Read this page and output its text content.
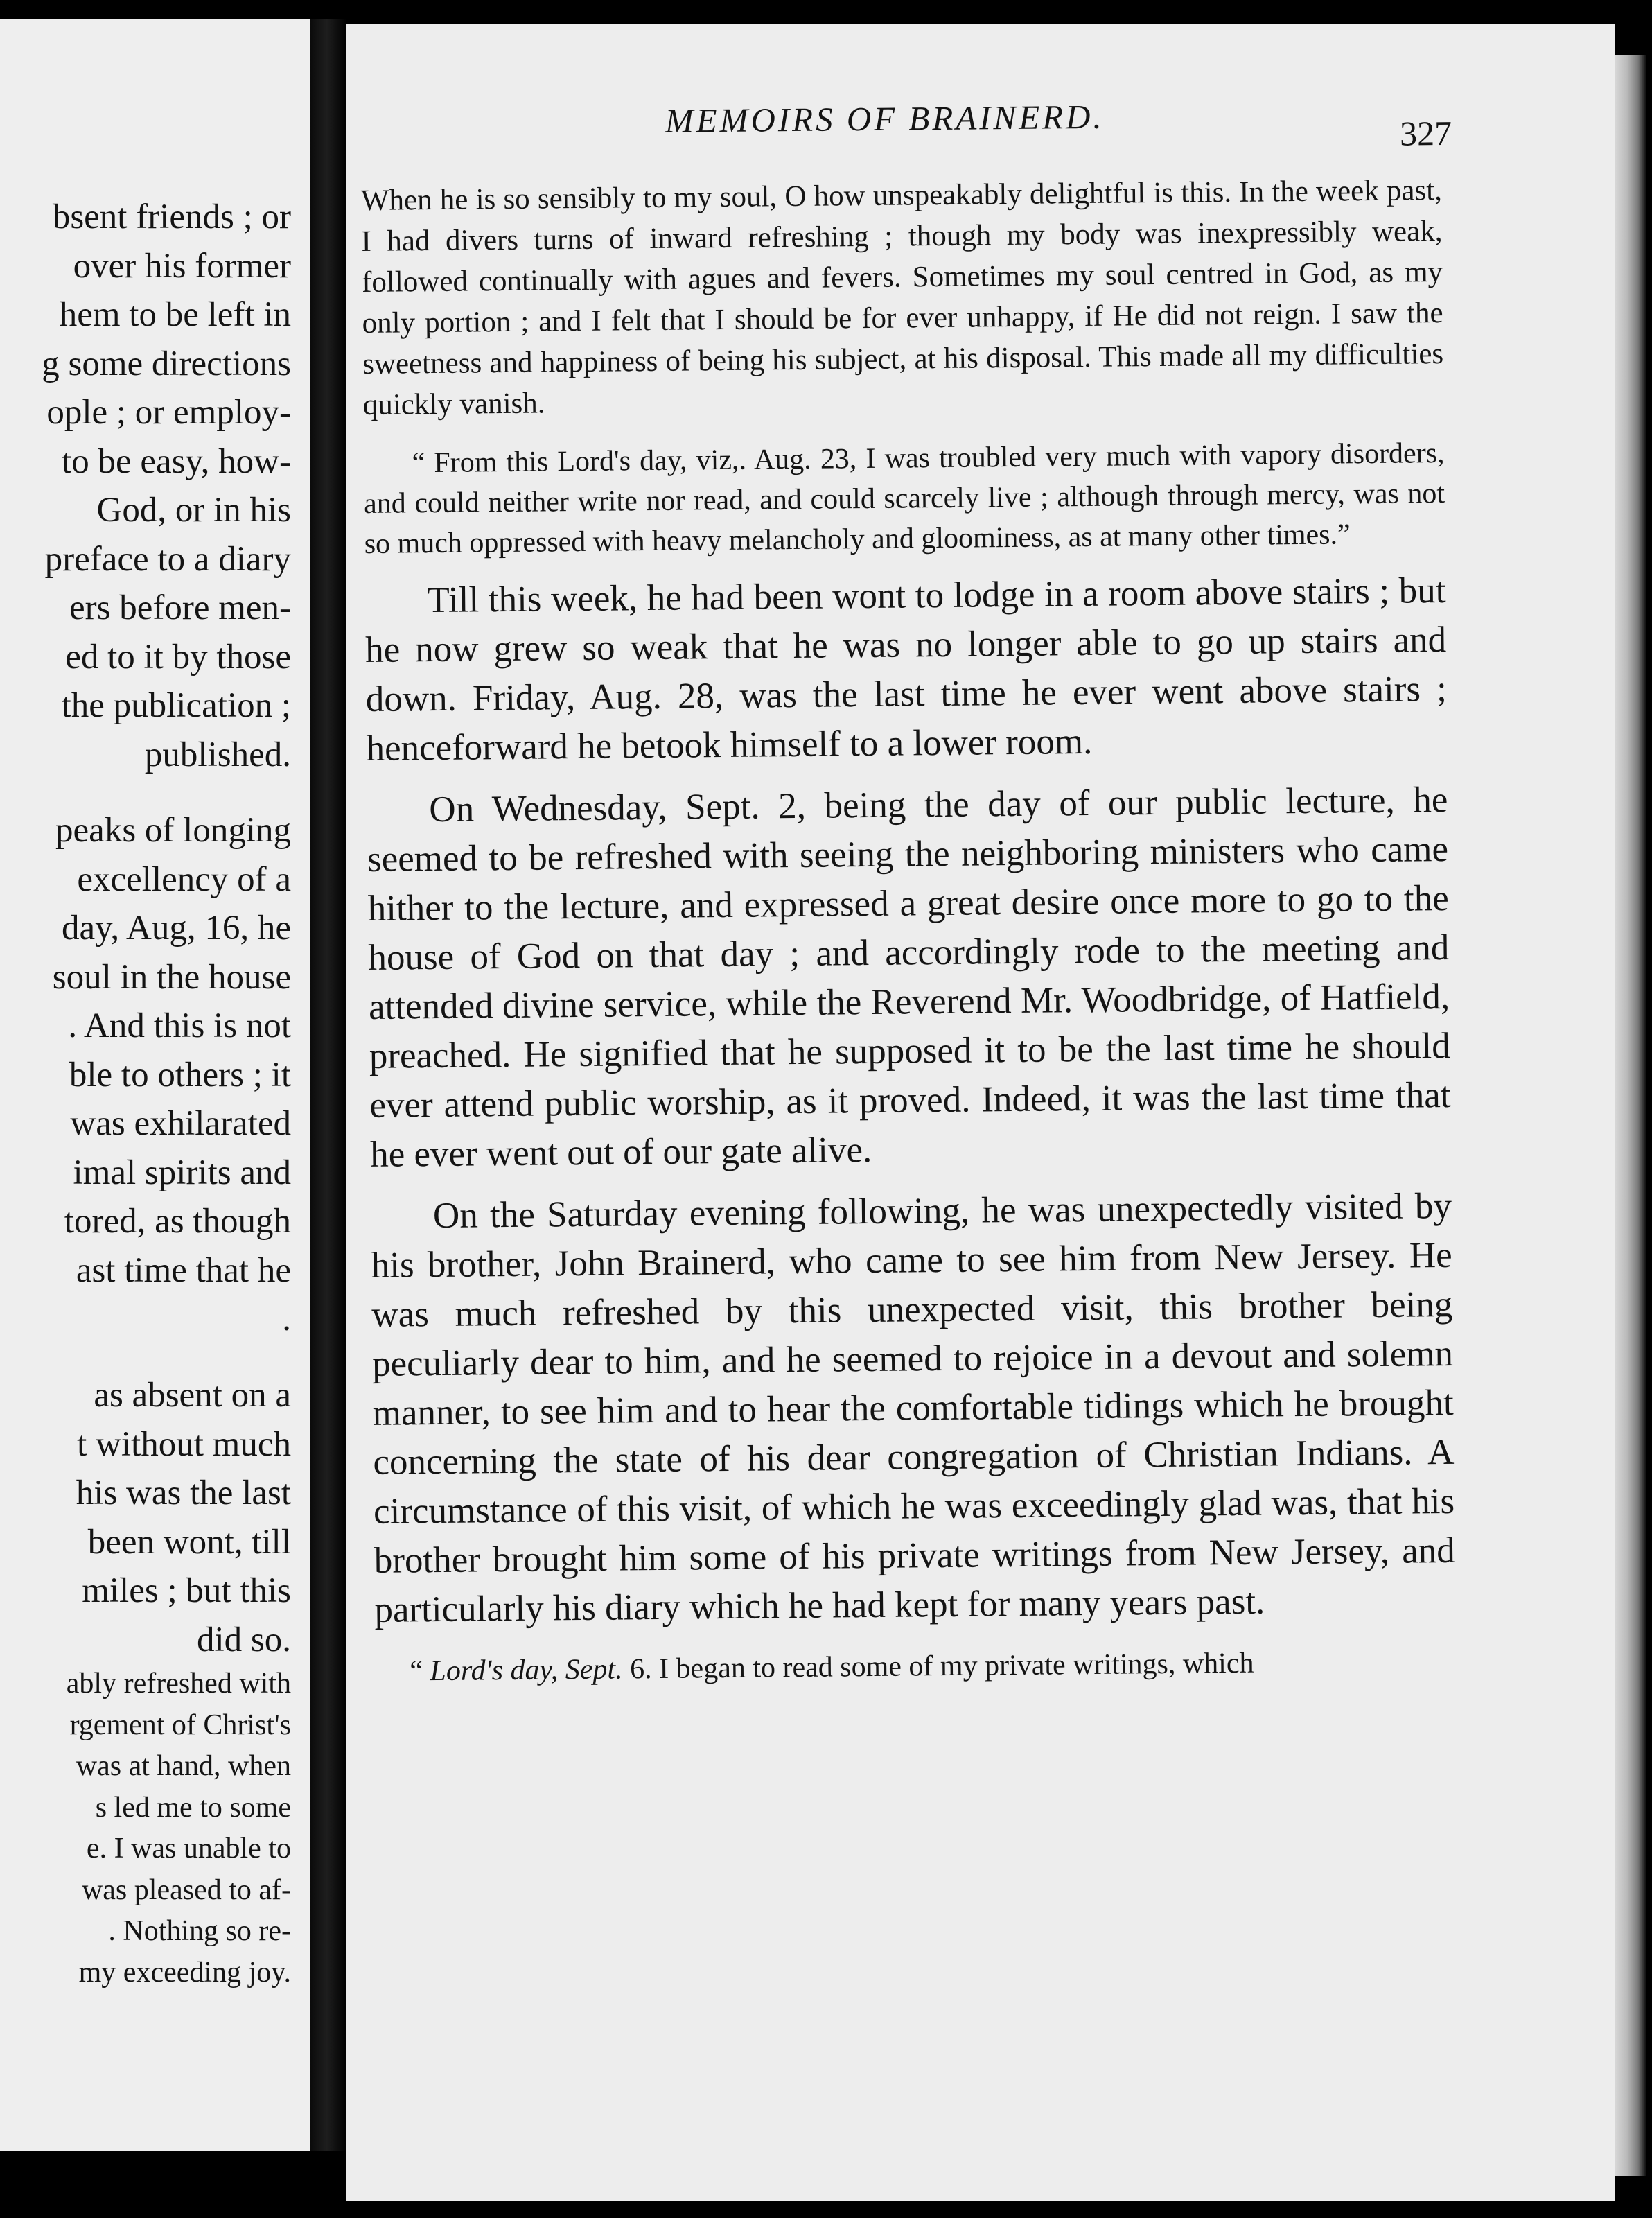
bsent friends ; or
over his former
hem to be left in
g some directions
ople ; or employ-
to be easy, how-
God, or in his
preface to a diary
ers before men-
ed to it by those
the publication ;
published.
peaks of longing
excellency of a
day, Aug, 16, he
soul in the house
. And this is not
ble to others ; it
was exhilarated
imal spirits and
tored, as though
ast time that he
.
as absent on a
t without much
his was the last
been wont, till
miles ; but this
did so.
ably refreshed with
rgement of Christ's
was at hand, when
s led me to some
e. I was unable to
was pleased to af-
. Nothing so re-
my exceeding joy.
MEMOIRS OF BRAINERD.	327

When he is so sensibly to my soul, O how unspeakably delightful is this. In the week past, I had divers turns of inward refreshing ; though my body was inexpressibly weak, followed continually with agues and fevers. Sometimes my soul centred in God, as my only portion ; and I felt that I should be for ever unhappy, if He did not reign. I saw the sweetness and happiness of being his subject, at his disposal. This made all my difficulties quickly vanish.

“ From this Lord's day, viz,. Aug. 23, I was troubled very much with vapory disorders, and could neither write nor read, and could scarcely live ; although through mercy, was not so much oppressed with heavy melancholy and gloominess, as at many other times.”

Till this week, he had been wont to lodge in a room above stairs ; but he now grew so weak that he was no longer able to go up stairs and down. Friday, Aug. 28, was the last time he ever went above stairs ; henceforward he betook himself to a lower room.

On Wednesday, Sept. 2, being the day of our public lecture, he seemed to be refreshed with seeing the neighboring ministers who came hither to the lecture, and expressed a great desire once more to go to the house of God on that day ; and accordingly rode to the meeting and attended divine service, while the Reverend Mr. Woodbridge, of Hatfield, preached. He signified that he supposed it to be the last time he should ever attend public worship, as it proved. Indeed, it was the last time that he ever went out of our gate alive.

On the Saturday evening following, he was unexpectedly visited by his brother, John Brainerd, who came to see him from New Jersey. He was much refreshed by this unexpected visit, this brother being peculiarly dear to him, and he seemed to rejoice in a devout and solemn manner, to see him and to hear the comfortable tidings which he brought concerning the state of his dear congregation of Christian Indians. A circumstance of this visit, of which he was exceedingly glad was, that his brother brought him some of his private writings from New Jersey, and particularly his diary which he had kept for many years past.

“ Lord's day, Sept. 6. I began to read some of my private writings, which
